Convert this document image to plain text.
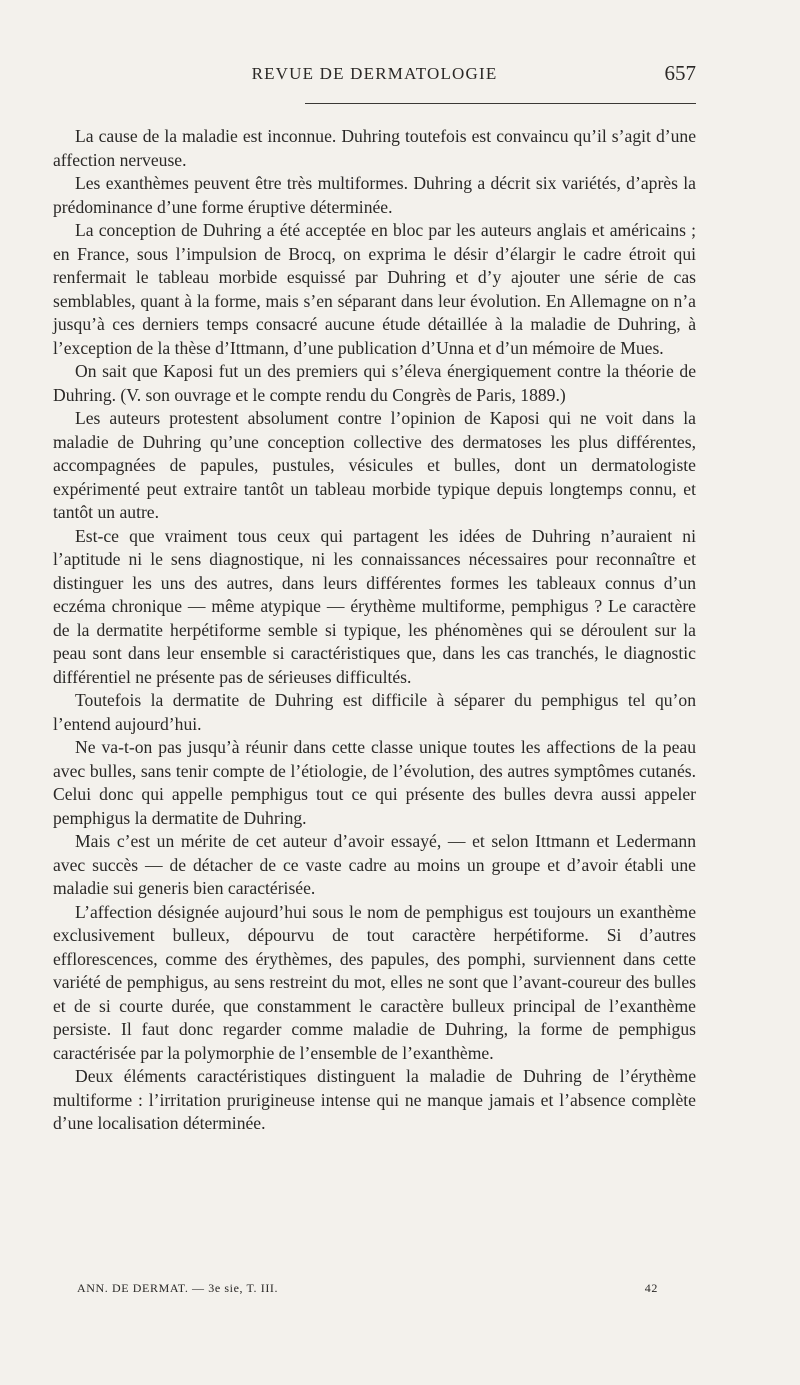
REVUE DE DERMATOLOGIE	657

La cause de la maladie est inconnue. Duhring toutefois est convaincu qu’il s’agit d’une affection nerveuse.

Les exanthèmes peuvent être très multiformes. Duhring a décrit six variétés, d’après la prédominance d’une forme éruptive déterminée.

La conception de Duhring a été acceptée en bloc par les auteurs anglais et américains ; en France, sous l’impulsion de Brocq, on exprima le désir d’élargir le cadre étroit qui renfermait le tableau morbide esquissé par Duhring et d’y ajouter une série de cas semblables, quant à la forme, mais s’en séparant dans leur évolution. En Allemagne on n’a jusqu’à ces derniers temps consacré aucune étude détaillée à la maladie de Duhring, à l’exception de la thèse d’Ittmann, d’une publication d’Unna et d’un mémoire de Mues.

On sait que Kaposi fut un des premiers qui s’éleva énergiquement contre la théorie de Duhring. (V. son ouvrage et le compte rendu du Congrès de Paris, 1889.)

Les auteurs protestent absolument contre l’opinion de Kaposi qui ne voit dans la maladie de Duhring qu’une conception collective des dermatoses les plus différentes, accompagnées de papules, pustules, vésicules et bulles, dont un dermatologiste expérimenté peut extraire tantôt un tableau morbide typique depuis longtemps connu, et tantôt un autre.

Est-ce que vraiment tous ceux qui partagent les idées de Duhring n’auraient ni l’aptitude ni le sens diagnostique, ni les connaissances nécessaires pour reconnaître et distinguer les uns des autres, dans leurs différentes formes les tableaux connus d’un eczéma chronique — même atypique — érythème multiforme, pemphigus ? Le caractère de la dermatite herpétiforme semble si typique, les phénomènes qui se déroulent sur la peau sont dans leur ensemble si caractéristiques que, dans les cas tranchés, le diagnostic différentiel ne présente pas de sérieuses difficultés.

Toutefois la dermatite de Duhring est difficile à séparer du pemphigus tel qu’on l’entend aujourd’hui.

Ne va-t-on pas jusqu’à réunir dans cette classe unique toutes les affections de la peau avec bulles, sans tenir compte de l’étiologie, de l’évolution, des autres symptômes cutanés. Celui donc qui appelle pemphigus tout ce qui présente des bulles devra aussi appeler pemphigus la dermatite de Duhring.

Mais c’est un mérite de cet auteur d’avoir essayé, — et selon Ittmann et Ledermann avec succès — de détacher de ce vaste cadre au moins un groupe et d’avoir établi une maladie sui generis bien caractérisée.

L’affection désignée aujourd’hui sous le nom de pemphigus est toujours un exanthème exclusivement bulleux, dépourvu de tout caractère herpétiforme. Si d’autres efflorescences, comme des érythèmes, des papules, des pomphi, surviennent dans cette variété de pemphigus, au sens restreint du mot, elles ne sont que l’avant-coureur des bulles et de si courte durée, que constamment le caractère bulleux principal de l’exanthème persiste. Il faut donc regarder comme maladie de Duhring, la forme de pemphigus caractérisée par la polymorphie de l’ensemble de l’exanthème.

Deux éléments caractéristiques distinguent la maladie de Duhring de l’érythème multiforme : l’irritation prurigineuse intense qui ne manque jamais et l’absence complète d’une localisation déterminée.

ANN. DE DERMAT. — 3e sie, T. III.	42
